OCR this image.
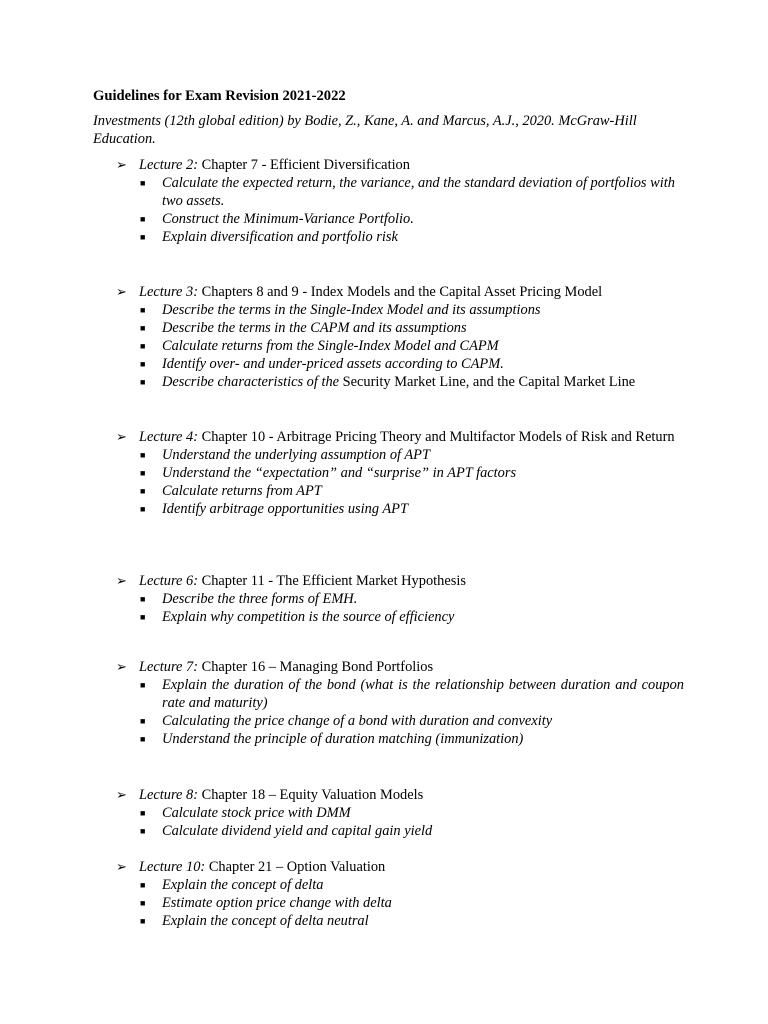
Guidelines for Exam Revision 2021-2022
Investments (12th global edition) by Bodie, Z., Kane, A. and Marcus, A.J., 2020. McGraw-Hill Education.
➢ Lecture 2: Chapter 7 - Efficient Diversification
■ Calculate the expected return, the variance, and the standard deviation of portfolios with two assets.
■ Construct the Minimum-Variance Portfolio.
■ Explain diversification and portfolio risk
➢ Lecture 3: Chapters 8 and 9 - Index Models and the Capital Asset Pricing Model
■ Describe the terms in the Single-Index Model and its assumptions
■ Describe the terms in the CAPM and its assumptions
■ Calculate returns from the Single-Index Model and CAPM
■ Identify over- and under-priced assets according to CAPM.
■ Describe characteristics of the Security Market Line, and the Capital Market Line
➢ Lecture 4: Chapter 10 - Arbitrage Pricing Theory and Multifactor Models of Risk and Return
■ Understand the underlying assumption of APT
■ Understand the “expectation” and “surprise” in APT factors
■ Calculate returns from APT
■ Identify arbitrage opportunities using APT
➢ Lecture 6: Chapter 11 - The Efficient Market Hypothesis
■ Describe the three forms of EMH.
■ Explain why competition is the source of efficiency
➢ Lecture 7: Chapter 16 – Managing Bond Portfolios
■ Explain the duration of the bond (what is the relationship between duration and coupon rate and maturity)
■ Calculating the price change of a bond with duration and convexity
■ Understand the principle of duration matching (immunization)
➢ Lecture 8: Chapter 18 – Equity Valuation Models
■ Calculate stock price with DMM
■ Calculate dividend yield and capital gain yield
➢ Lecture 10: Chapter 21 – Option Valuation
■ Explain the concept of delta
■ Estimate option price change with delta
■ Explain the concept of delta neutral
